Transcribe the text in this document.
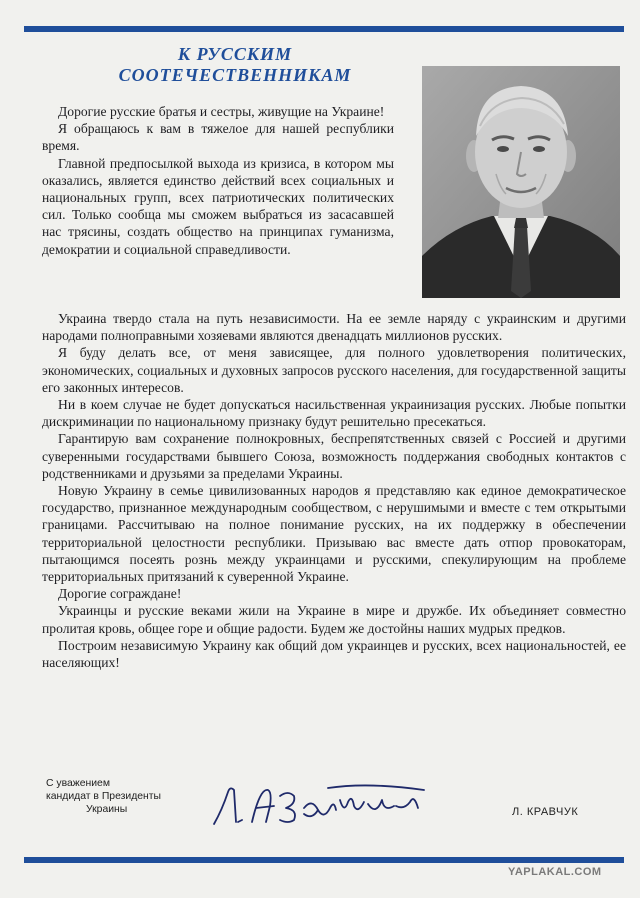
К РУССКИМ
СООТЕЧЕСТВЕННИКАМ

Дорогие русские братья и сестры, живущие на Украине!

Я обращаюсь к вам в тяжелое для нашей республики время.

Главной предпосылкой выхода из кризиса, в котором мы оказались, является единство действий всех социальных и национальных групп, всех патриотических политических сил. Только сообща мы сможем выбраться из засасавшей нас трясины, создать общество на принципах гуманизма, демократии и социальной справедливости.

Украина твердо стала на путь независимости. На ее земле наряду с украинским и другими народами полноправными хозяевами являются двенадцать миллионов русских.

Я буду делать все, от меня зависящее, для полного удовлетворения политических, экономических, социальных и духовных запросов русского населения, для государственной защиты его законных интересов.

Ни в коем случае не будет допускаться насильственная украинизация русских. Любые попытки дискриминации по национальному признаку будут решительно пресекаться.

Гарантирую вам сохранение полнокровных, беспрепятственных связей с Россией и другими суверенными государствами бывшего Союза, возможность поддержания свободных контактов с родственниками и друзьями за пределами Украины.

Новую Украину в семье цивилизованных народов я представляю как единое демократическое государство, признанное международным сообществом, с нерушимыми и вместе с тем открытыми границами. Рассчитываю на полное понимание русских, на их поддержку в обеспечении территориальной целостности республики. Призываю вас вместе дать отпор провокаторам, пытающимся посеять рознь между украинцами и русскими, спекулирующим на проблеме территориальных притязаний к суверенной Украине.

Дорогие сограждане!

Украинцы и русские веками жили на Украине в мире и дружбе. Их объединяет совместно пролитая кровь, общее горе и общие радости. Будем же достойны наших мудрых предков.

Построим независимую Украину как общий дом украинцев и русских, всех национальностей, ее населяющих!

С уважением
кандидат в Президенты
Украины	Л. КРАВЧУК
YAPLAKAL.COM
